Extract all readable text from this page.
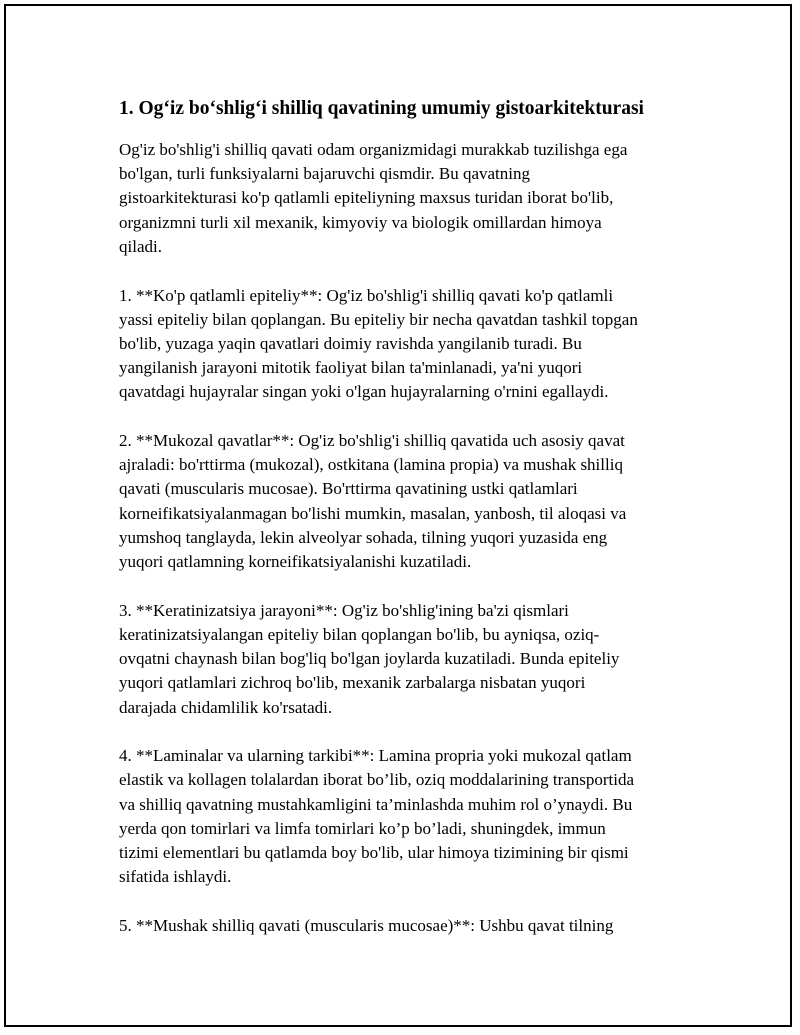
1. Og‘iz bo‘shlig‘i shilliq qavatining umumiy gistoarkitekturasi
Og'iz bo'shlig'i shilliq qavati odam organizmidagi murakkab tuzilishga ega
bo'lgan, turli funksiyalarni bajaruvchi qismdir. Bu qavatning
gistoarkitekturasi ko'p qatlamli epiteliyning maxsus turidan iborat bo'lib,
organizmni turli xil mexanik, kimyoviy va biologik omillardan himoya
qiladi.
1. **Ko'p qatlamli epiteliy**: Og'iz bo'shlig'i shilliq qavati ko'p qatlamli
yassi epiteliy bilan qoplangan. Bu epiteliy bir necha qavatdan tashkil topgan
bo'lib, yuzaga yaqin qavatlari doimiy ravishda yangilanib turadi. Bu
yangilanish jarayoni mitotik faoliyat bilan ta'minlanadi, ya'ni yuqori
qavatdagi hujayralar singan yoki o'lgan hujayralarning o'rnini egallaydi.
2. **Mukozal qavatlar**: Og'iz bo'shlig'i shilliq qavatida uch asosiy qavat
ajraladi: bo'rttirma (mukozal), ostkitana (lamina propia) va mushak shilliq
qavati (muscularis mucosae). Bo'rttirma qavatining ustki qatlamlari
korneifikatsiyalanmagan bo'lishi mumkin, masalan, yanbosh, til aloqasi va
yumshoq tanglayda, lekin alveolyar sohada, tilning yuqori yuzasida eng
yuqori qatlamning korneifikatsiyalanishi kuzatiladi.
3. **Keratinizatsiya jarayoni**: Og'iz bo'shlig'ining ba'zi qismlari
keratinizatsiyalangan epiteliy bilan qoplangan bo'lib, bu ayniqsa, oziq-
ovqatni chaynash bilan bog'liq bo'lgan joylarda kuzatiladi. Bunda epiteliy
yuqori qatlamlari zichroq bo'lib, mexanik zarbalarga nisbatan yuqori
darajada chidamlilik ko'rsatadi.
4. **Laminalar va ularning tarkibi**: Lamina propria yoki mukozal qatlam
elastik va kollagen tolalardan iborat bo’lib, oziq moddalarining transportida
va shilliq qavatning mustahkamligini ta’minlashda muhim rol o’ynaydi. Bu
yerda qon tomirlari va limfa tomirlari ko’p bo’ladi, shuningdek, immun
tizimi elementlari bu qatlamda boy bo'lib, ular himoya tizimining bir qismi
sifatida ishlaydi.
5. **Mushak shilliq qavati (muscularis mucosae)**: Ushbu qavat tilning
